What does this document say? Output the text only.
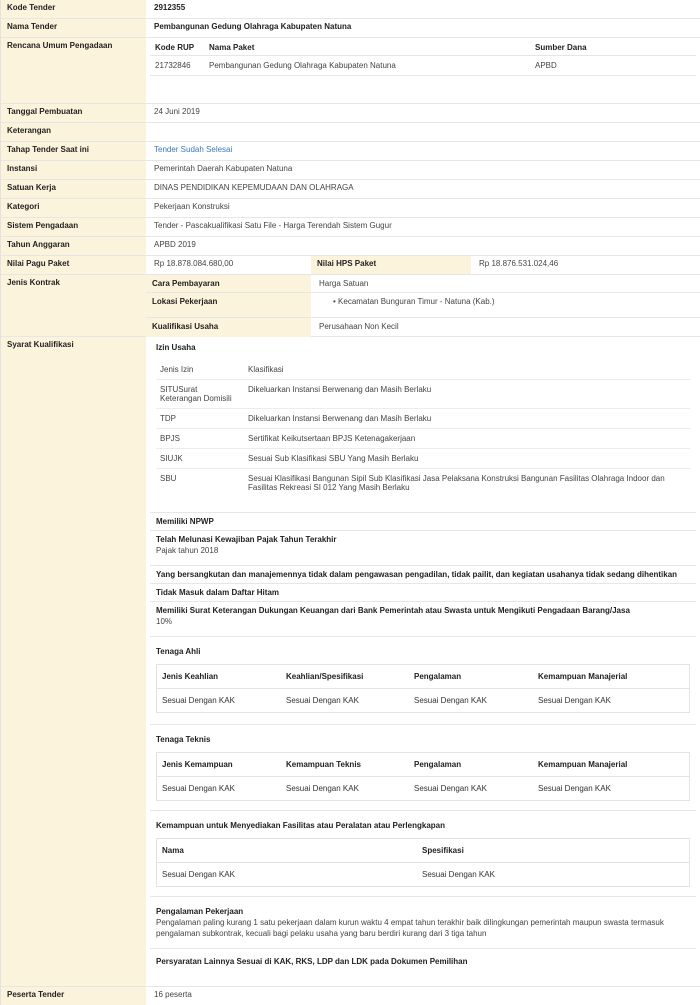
Kode Tender	2912355
Nama Tender	Pembangunan Gedung Olahraga Kabupaten Natuna
Rencana Umum Pengadaan	Kode RUP	Nama Paket	Sumber Dana
21732846	Pembangunan Gedung Olahraga Kabupaten Natuna	APBD
Tanggal Pembuatan	24 Juni 2019
Keterangan
Tahap Tender Saat ini	Tender Sudah Selesai
Instansi	Pemerintah Daerah Kabupaten Natuna
Satuan Kerja	DINAS PENDIDIKAN KEPEMUDAAN DAN OLAHRAGA
Kategori	Pekerjaan Konstruksi
Sistem Pengadaan	Tender - Pascakualifikasi Satu File - Harga Terendah Sistem Gugur
Tahun Anggaran	APBD 2019
Nilai Pagu Paket	Rp 18.878.084.680,00	Nilai HPS Paket	Rp 18.876.531.024,46
Jenis Kontrak	Cara Pembayaran	Harga Satuan
Lokasi Pekerjaan	• Kecamatan Bunguran Timur - Natuna (Kab.)
Kualifikasi Usaha	Perusahaan Non Kecil
Syarat Kualifikasi	Izin Usaha
Jenis Izin	Klasifikasi
SITUSurat Keterangan Domisili	Dikeluarkan Instansi Berwenang dan Masih Berlaku
TDP	Dikeluarkan Instansi Berwenang dan Masih Berlaku
BPJS	Sertifikat Keikutsertaan BPJS Ketenagakerjaan
SIUJK	Sesuai Sub Klasifikasi SBU Yang Masih Berlaku
SBU	Sesuai Klasifikasi Bangunan Sipil Sub Klasifikasi Jasa Pelaksana Konstruksi Bangunan Fasilitas Olahraga Indoor dan Fasilitas Rekreasi SI 012 Yang Masih Berlaku
Memiliki NPWP
Telah Melunasi Kewajiban Pajak Tahun Terakhir
Pajak tahun 2018
Yang bersangkutan dan manajemennya tidak dalam pengawasan pengadilan, tidak pailit, dan kegiatan usahanya tidak sedang dihentikan
Tidak Masuk dalam Daftar Hitam
Memiliki Surat Keterangan Dukungan Keuangan dari Bank Pemerintah atau Swasta untuk Mengikuti Pengadaan Barang/Jasa
10%
Tenaga Ahli
Jenis Keahlian	Keahlian/Spesifikasi	Pengalaman	Kemampuan Manajerial
Sesuai Dengan KAK	Sesuai Dengan KAK	Sesuai Dengan KAK	Sesuai Dengan KAK
Tenaga Teknis
Jenis Kemampuan	Kemampuan Teknis	Pengalaman	Kemampuan Manajerial
Sesuai Dengan KAK	Sesuai Dengan KAK	Sesuai Dengan KAK	Sesuai Dengan KAK
Kemampuan untuk Menyediakan Fasilitas atau Peralatan atau Perlengkapan
Nama	Spesifikasi
Sesuai Dengan KAK	Sesuai Dengan KAK
Pengalaman Pekerjaan
Pengalaman paling kurang 1 satu pekerjaan dalam kurun waktu 4 empat tahun terakhir baik dilingkungan pemerintah maupun swasta termasuk pengalaman subkontrak, kecuali bagi pelaku usaha yang baru berdiri kurang dari 3 tiga tahun
Persyaratan Lainnya Sesuai di KAK, RKS, LDP dan LDK pada Dokumen Pemilihan
Peserta Tender	16 peserta
